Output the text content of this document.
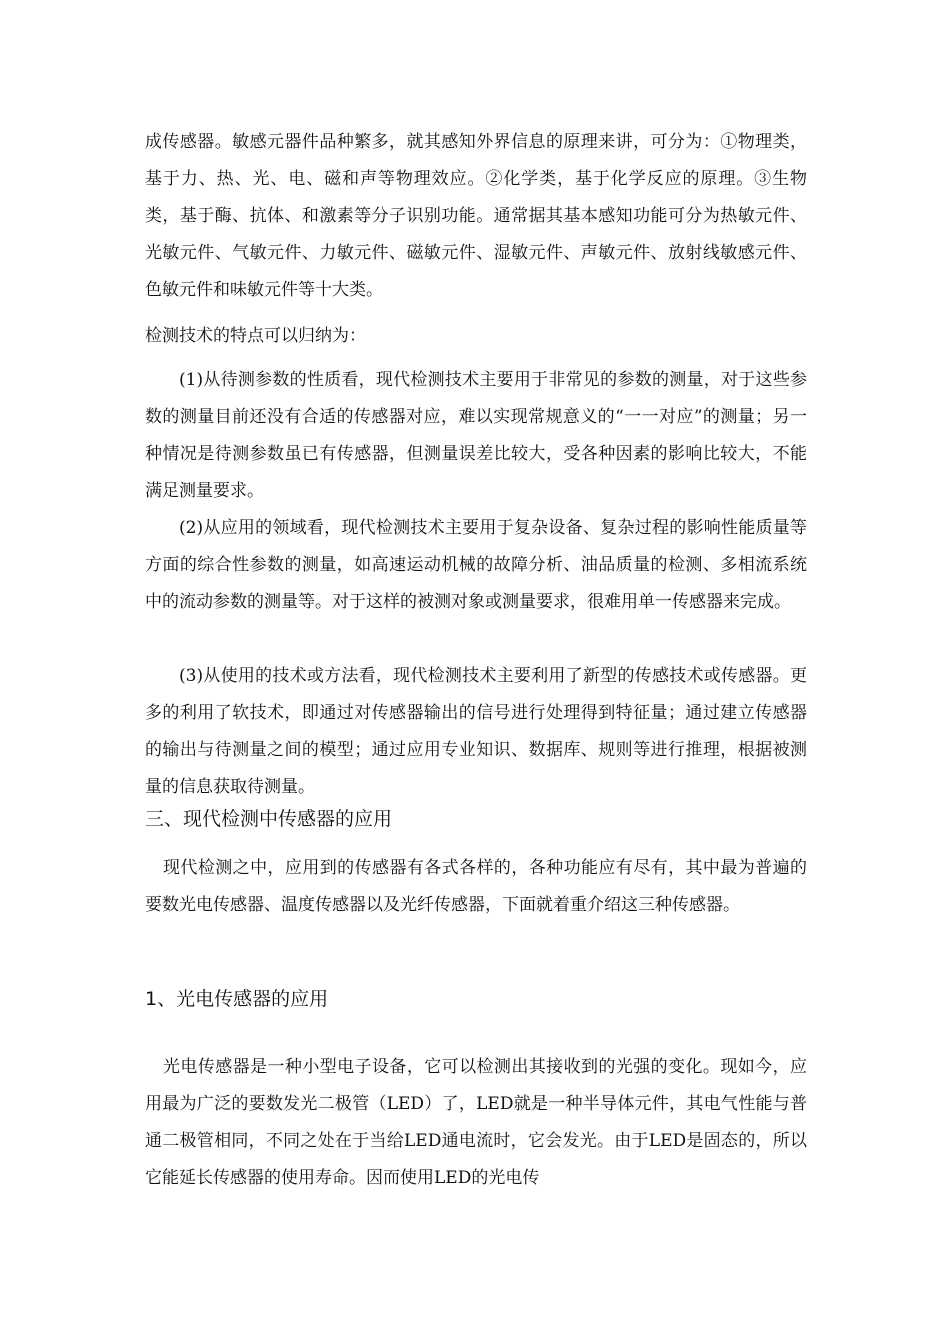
成传感器。敏感元器件品种繁多，就其感知外界信息的原理来讲，可分为：①物理类，基于力、热、光、电、磁和声等物理效应。②化学类，基于化学反应的原理。③生物类，基于酶、抗体、和激素等分子识别功能。通常据其基本感知功能可分为热敏元件、光敏元件、气敏元件、力敏元件、磁敏元件、湿敏元件、声敏元件、放射线敏感元件、色敏元件和味敏元件等十大类。

检测技术的特点可以归纳为：

(1)从待测参数的性质看，现代检测技术主要用于非常见的参数的测量，对于这些参数的测量目前还没有合适的传感器对应，难以实现常规意义的“一一对应”的测量；另一种情况是待测参数虽已有传感器，但测量误差比较大，受各种因素的影响比较大，不能满足测量要求。

(2)从应用的领域看，现代检测技术主要用于复杂设备、复杂过程的影响性能质量等方面的综合性参数的测量，如高速运动机械的故障分析、油品质量的检测、多相流系统中的流动参数的测量等。对于这样的被测对象或测量要求，很难用单一传感器来完成。

(3)从使用的技术或方法看，现代检测技术主要利用了新型的传感技术或传感器。更多的利用了软技术，即通过对传感器输出的信号进行处理得到特征量；通过建立传感器的输出与待测量之间的模型；通过应用专业知识、数据库、规则等进行推理，根据被测量的信息获取待测量。

三、现代检测中传感器的应用

现代检测之中，应用到的传感器有各式各样的，各种功能应有尽有，其中最为普遍的要数光电传感器、温度传感器以及光纤传感器，下面就着重介绍这三种传感器。

1、光电传感器的应用

光电传感器是一种小型电子设备，它可以检测出其接收到的光强的变化。现如今，应用最为广泛的要数发光二极管（LED）了，LED就是一种半导体元件，其电气性能与普通二极管相同，不同之处在于当给LED通电流时，它会发光。由于LED是固态的，所以它能延长传感器的使用寿命。因而使用LED的光电传
